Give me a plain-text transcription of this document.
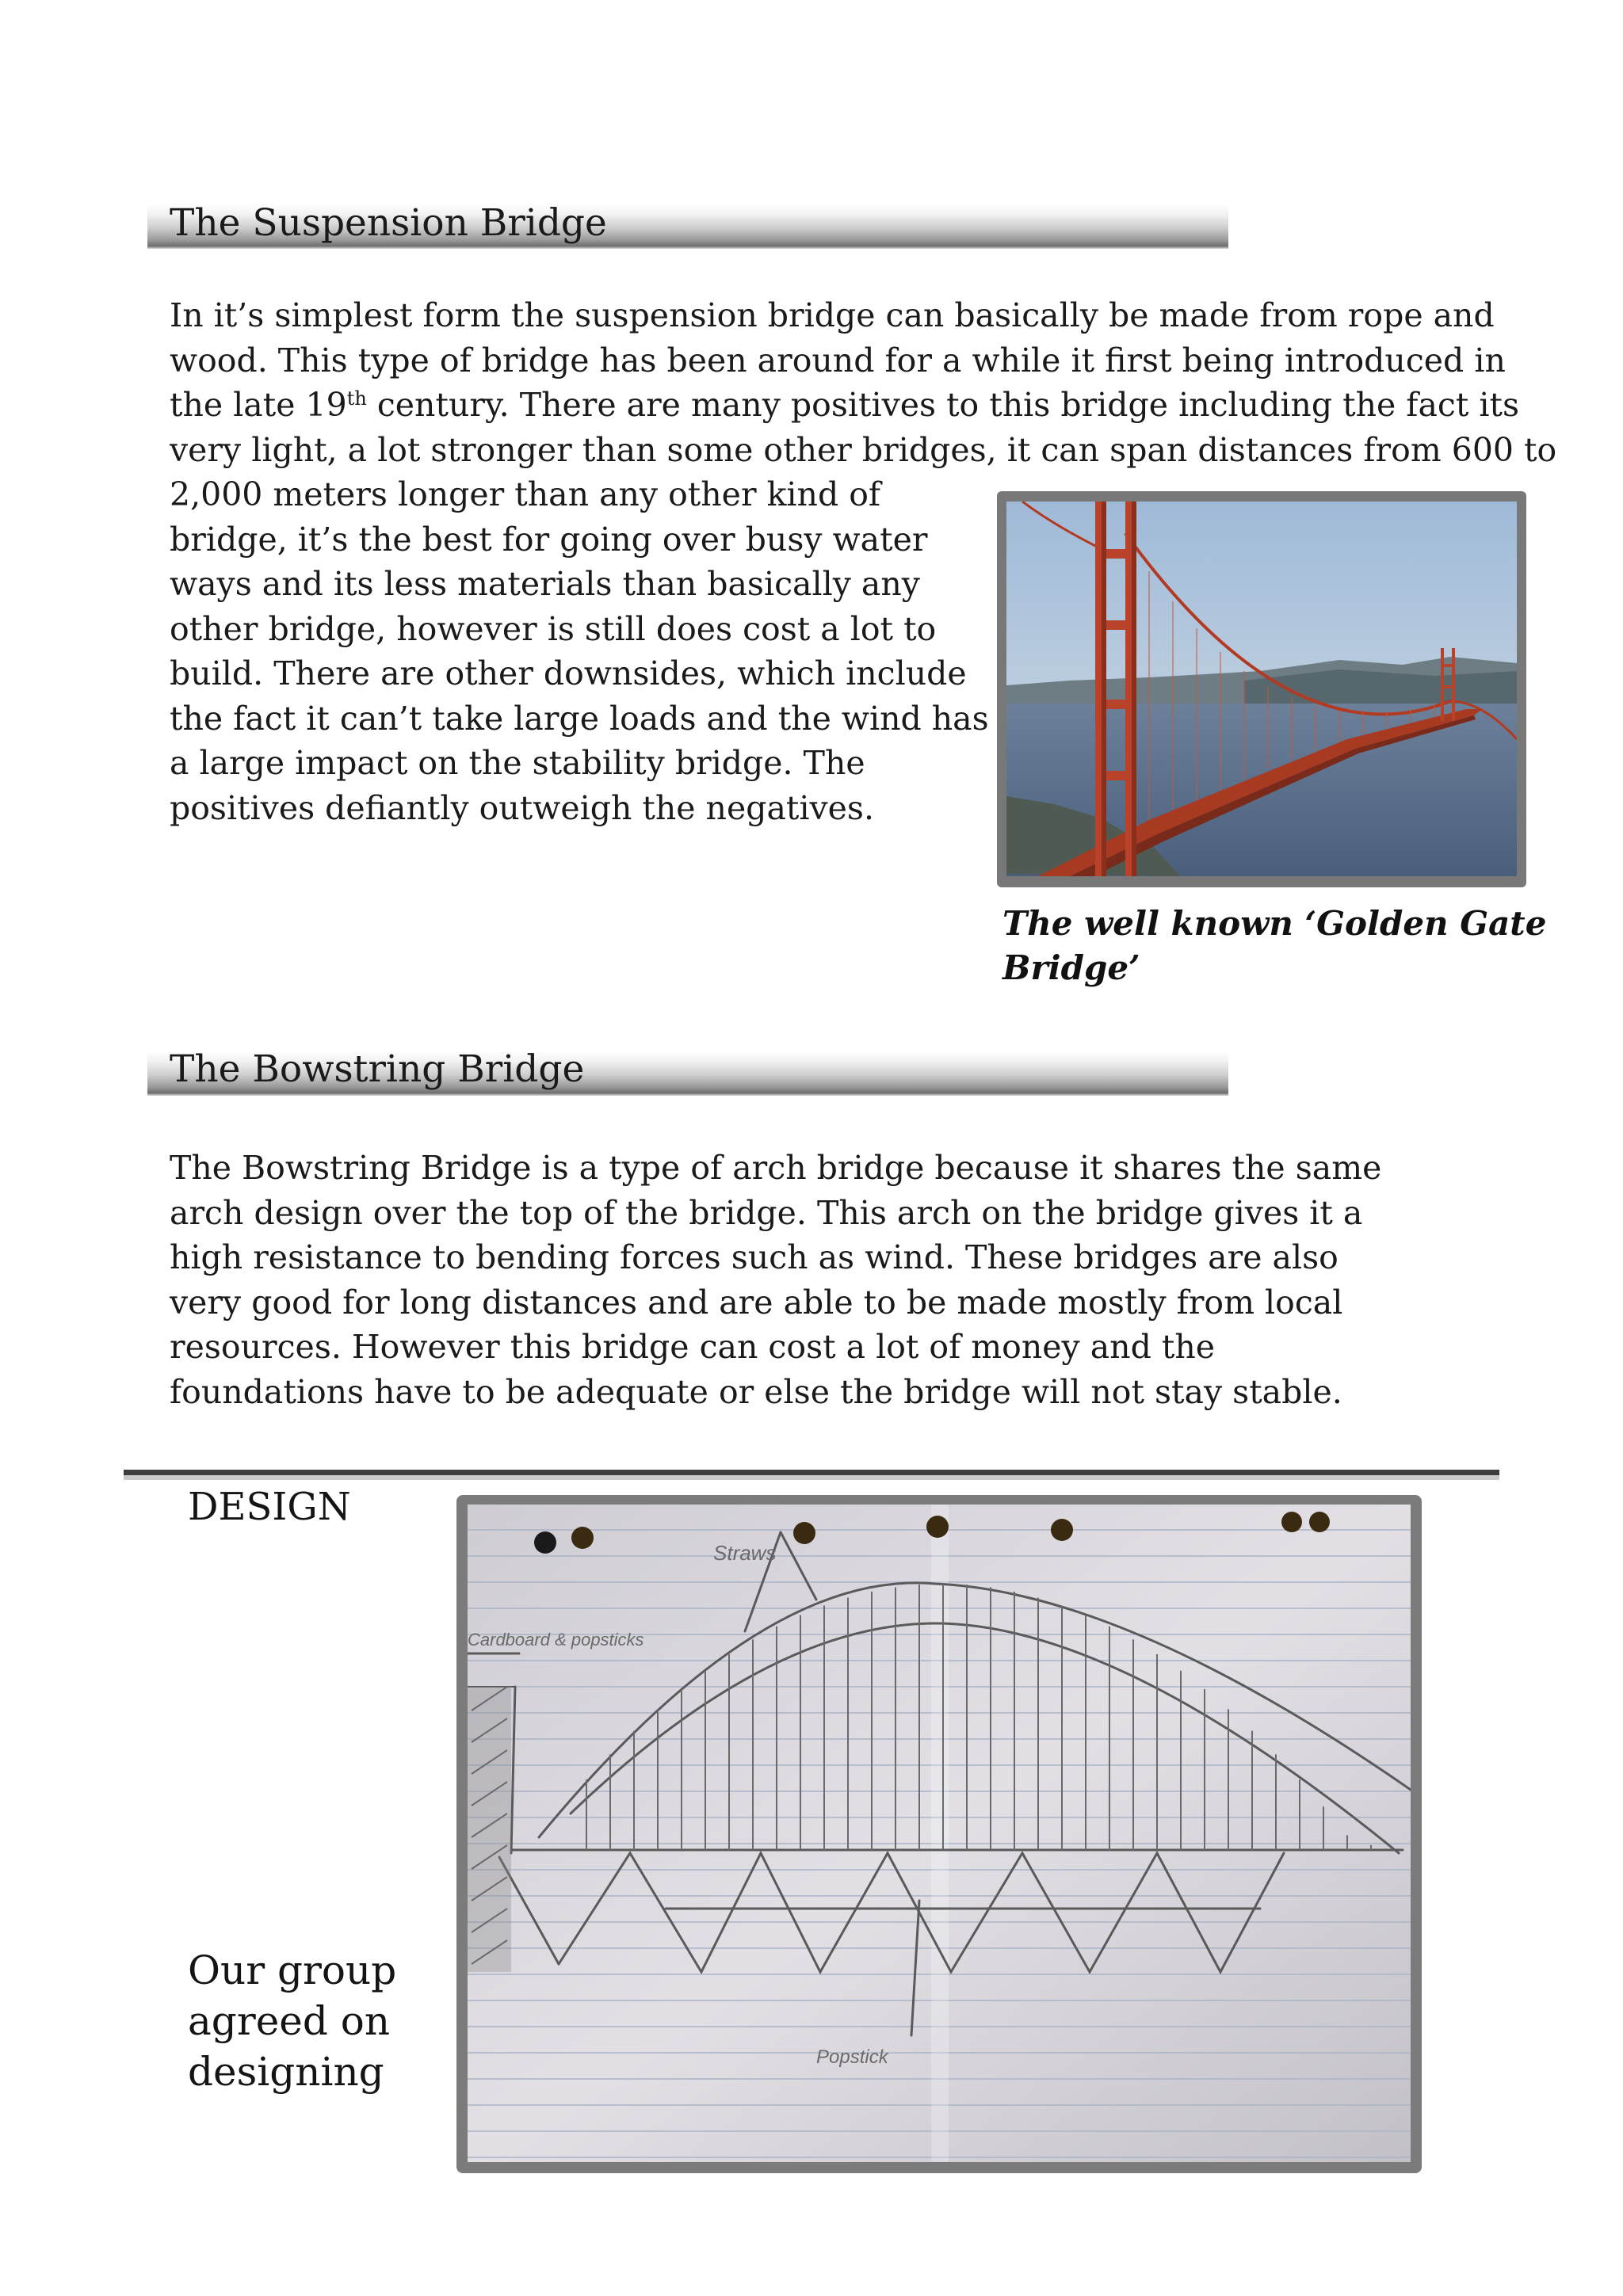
The Suspension Bridge
In it’s simplest form the suspension bridge can basically be made from rope and
wood. This type of bridge has been around for a while it first being introduced in
the late 19th century. There are many positives to this bridge including the fact its
very light, a lot stronger than some other bridges, it can span distances from 600 to
2,000 meters longer than any other kind of
bridge, it’s the best for going over busy water
ways and its less materials than basically any
other bridge, however is still does cost a lot to
build. There are other downsides, which include
the fact it can’t take large loads and the wind has
a large impact on the stability bridge. The
positives defiantly outweigh the negatives.
The well known ‘Golden Gate Bridge’
The Bowstring Bridge
The Bowstring Bridge is a type of arch bridge because it shares the same
arch design over the top of the bridge. This arch on the bridge gives it a
high resistance to bending forces such as wind. These bridges are also
very good for long distances and are able to be made mostly from local
resources. However this bridge can cost a lot of money and the
foundations have to be adequate or else the bridge will not stay stable.
DESIGN
Our group
agreed on
designing
Straws
Cardboard & popsticks
Popstick
